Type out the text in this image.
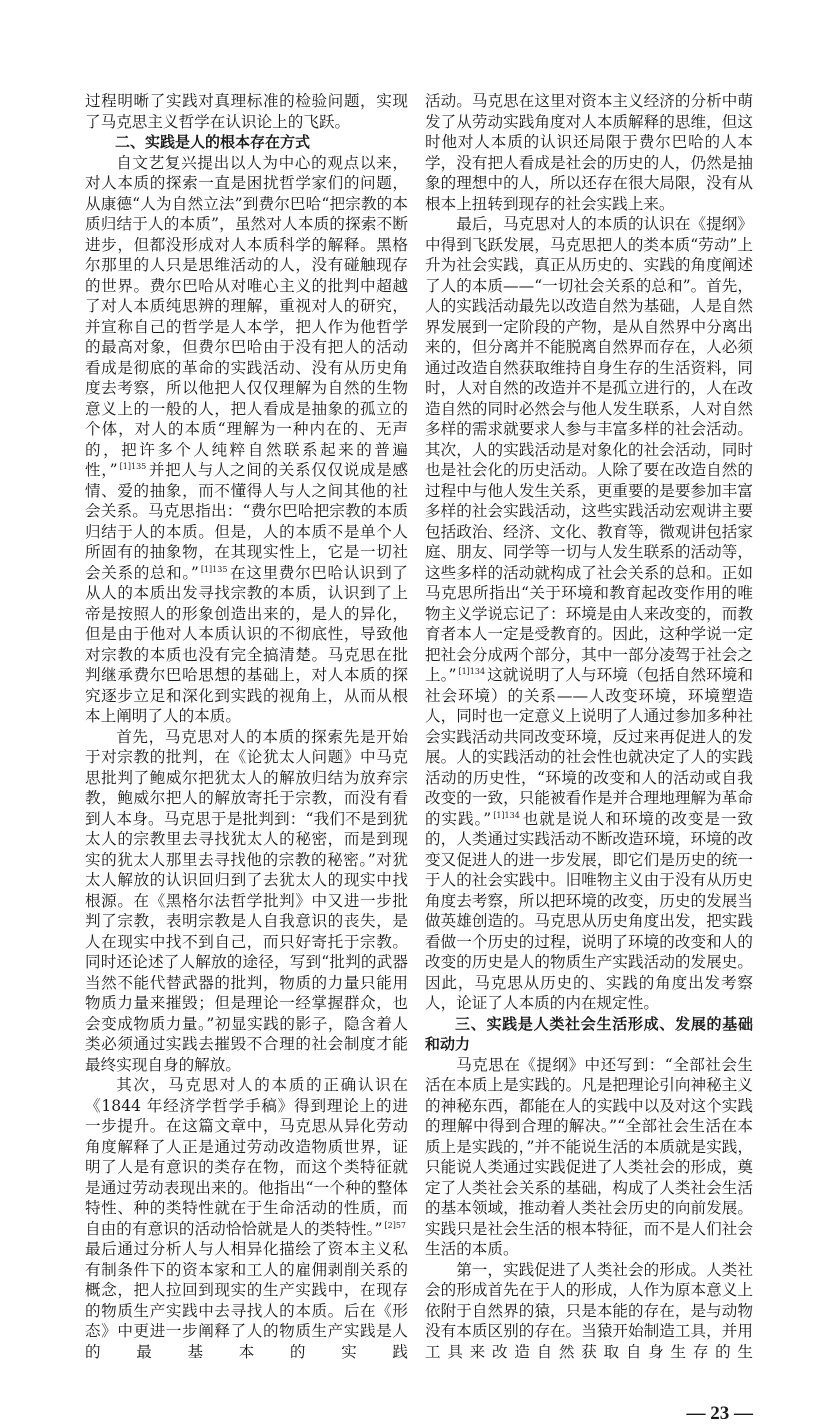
过程明晰了实践对真理标准的检验问题，实现了马克思主义哲学在认识论上的飞跃。

二、实践是人的根本存在方式

自文艺复兴提出以人为中心的观点以来，对人本质的探索一直是困扰哲学家们的问题，从康德“人为自然立法”到费尔巴哈“把宗教的本质归结于人的本质”，虽然对人本质的探索不断进步，但都没形成对人本质科学的解释。黑格尔那里的人只是思维活动的人，没有碰触现存的世界。费尔巴哈从对唯心主义的批判中超越了对人本质纯思辨的理解，重视对人的研究，并宣称自己的哲学是人本学，把人作为他哲学的最高对象，但费尔巴哈由于没有把人的活动看成是彻底的革命的实践活动、没有从历史角度去考察，所以他把人仅仅理解为自然的生物意义上的一般的人，把人看成是抽象的孤立的个体，对人的本质“理解为一种内在的、无声的，把许多个人纯粹自然联系起来的普遍性，” $^{[1]135}$ 并把人与人之间的关系仅仅说成是感情、爱的抽象，而不懂得人与人之间其他的社会关系。马克思指出：“费尔巴哈把宗教的本质归结于人的本质。但是，人的本质不是单个人所固有的抽象物，在其现实性上，它是一切社会关系的总和。” $^{[1]135}$ 在这里费尔巴哈认识到了从人的本质出发寻找宗教的本质，认识到了上帝是按照人的形象创造出来的，是人的异化，但是由于他对人本质认识的不彻底性，导致他对宗教的本质也没有完全搞清楚。马克思在批判继承费尔巴哈思想的基础上，对人本质的探究逐步立足和深化到实践的视角上，从而从根本上阐明了人的本质。

首先，马克思对人的本质的探索先是开始于对宗教的批判，在《论犹太人问题》中马克思批判了鲍威尔把犹太人的解放归结为放弃宗教，鲍威尔把人的解放寄托于宗教，而没有看到人本身。马克思于是批判到：“我们不是到犹太人的宗教里去寻找犹太人的秘密，而是到现实的犹太人那里去寻找他的宗教的秘密。”对犹太人解放的认识回归到了去犹太人的现实中找根源。在《黑格尔法哲学批判》中又进一步批判了宗教，表明宗教是人自我意识的丧失，是人在现实中找不到自己，而只好寄托于宗教。同时还论述了人解放的途径，写到“批判的武器当然不能代替武器的批判，物质的力量只能用物质力量来摧毁；但是理论一经掌握群众，也会变成物质力量。”初显实践的影子，隐含着人类必须通过实践去摧毁不合理的社会制度才能最终实现自身的解放。

其次，马克思对人的本质的正确认识在《1844 年经济学哲学手稿》得到理论上的进一步提升。在这篇文章中，马克思从异化劳动角度解释了人正是通过劳动改造物质世界，证明了人是有意识的类存在物，而这个类特征就是通过劳动表现出来的。他指出“一个种的整体特性、种的类特性就在于生命活动的性质，而自由的有意识的活动恰恰就是人的类特性。” $^{[2]57}$最后通过分析人与人相异化描绘了资本主义私有制条件下的资本家和工人的雇佣剥削关系的概念，把人拉回到现实的生产实践中，在现存的物质生产实践中去寻找人的本质。后在《形态》中更进一步阐释了人的物质生产实践是人的最基本的实践

活动。马克思在这里对资本主义经济的分析中萌发了从劳动实践角度对人本质解释的思维，但这时他对人本质的认识还局限于费尔巴哈的人本学，没有把人看成是社会的历史的人，仍然是抽象的理想中的人，所以还存在很大局限，没有从根本上扭转到现存的社会实践上来。

最后，马克思对人的本质的认识在《提纲》中得到飞跃发展，马克思把人的类本质“劳动”上升为社会实践，真正从历史的、实践的角度阐述了人的本质——“一切社会关系的总和”。首先，人的实践活动最先以改造自然为基础，人是自然界发展到一定阶段的产物，是从自然界中分离出来的，但分离并不能脱离自然界而存在，人必须通过改造自然获取维持自身生存的生活资料，同时，人对自然的改造并不是孤立进行的，人在改造自然的同时必然会与他人发生联系，人对自然多样的需求就要求人参与丰富多样的社会活动。其次，人的实践活动是对象化的社会活动，同时也是社会化的历史活动。人除了要在改造自然的过程中与他人发生关系，更重要的是要参加丰富多样的社会实践活动，这些实践活动宏观讲主要包括政治、经济、文化、教育等，微观讲包括家庭、朋友、同学等一切与人发生联系的活动等，这些多样的活动就构成了社会关系的总和。正如马克思所指出“关于环境和教育起改变作用的唯物主义学说忘记了：环境是由人来改变的，而教育者本人一定是受教育的。因此，这种学说一定把社会分成两个部分，其中一部分凌驾于社会之上。” $^{[1]134}$ 这就说明了人与环境（包括自然环境和社会环境）的关系——人改变环境，环境塑造人，同时也一定意义上说明了人通过参加多种社会实践活动共同改变环境，反过来再促进人的发展。人的实践活动的社会性也就决定了人的实践活动的历史性，“环境的改变和人的活动或自我改变的一致，只能被看作是并合理地理解为革命的实践。” $^{[1]134}$ 也就是说人和环境的改变是一致的，人类通过实践活动不断改造环境，环境的改变又促进人的进一步发展，即它们是历史的统一于人的社会实践中。旧唯物主义由于没有从历史角度去考察，所以把环境的改变，历史的发展当做英雄创造的。马克思从历史角度出发，把实践看做一个历史的过程，说明了环境的改变和人的改变的历史是人的物质生产实践活动的发展史。因此，马克思从历史的、实践的角度出发考察人，论证了人本质的内在规定性。

三、实践是人类社会生活形成、发展的基础和动力

马克思在《提纲》中还写到：“全部社会生活在本质上是实践的。凡是把理论引向神秘主义的神秘东西，都能在人的实践中以及对这个实践的理解中得到合理的解决。”“全部社会生活在本质上是实践的，”并不能说生活的本质就是实践，只能说人类通过实践促进了人类社会的形成，奠定了人类社会关系的基础，构成了人类社会生活的基本领域，推动着人类社会历史的向前发展。实践只是社会生活的根本特征，而不是人们社会生活的本质。

第一，实践促进了人类社会的形成。人类社会的形成首先在于人的形成，人作为原本意义上依附于自然界的猿，只是本能的存在，是与动物没有本质区别的存在。当猿开始制造工具，并用工具来改造自然获取自身生存的生

— 23 —
